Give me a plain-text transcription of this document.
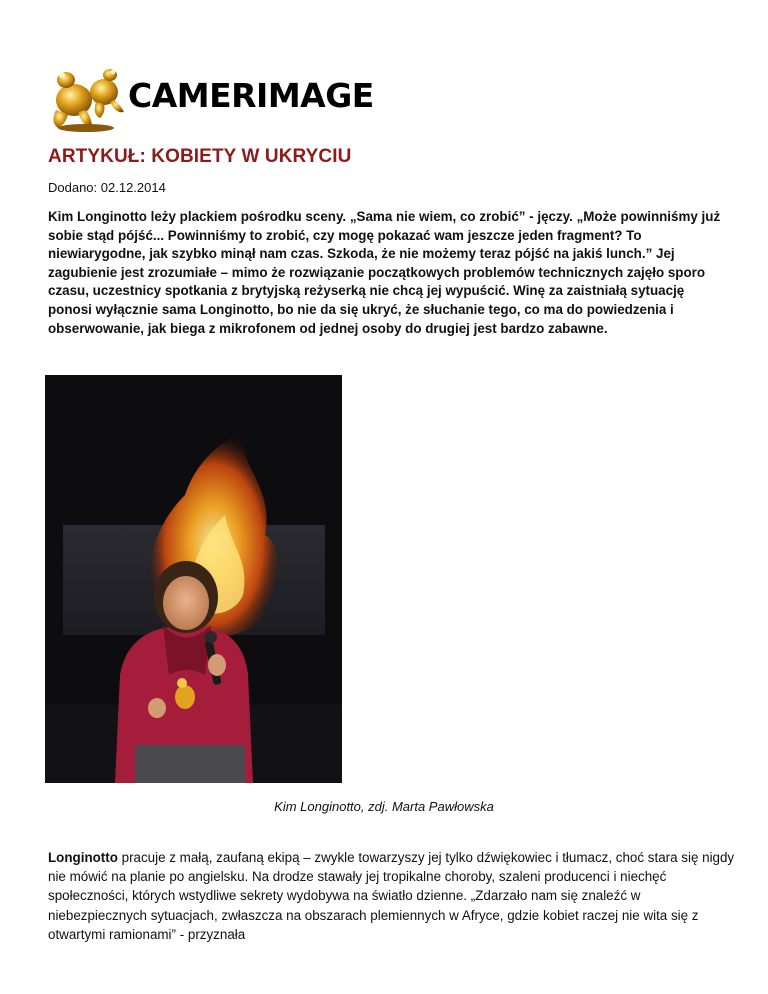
CAMERIMAGE
ARTYKUŁ: KOBIETY W UKRYCIU
Dodano: 02.12.2014

Kim Longinotto leży plackiem pośrodku sceny. „Sama nie wiem, co zrobić” - jęczy. „Może powinniśmy już sobie stąd pójść... Powinniśmy to zrobić, czy mogę pokazać wam jeszcze jeden fragment? To niewiarygodne, jak szybko minął nam czas. Szkoda, że nie możemy teraz pójść na jakiś lunch.” Jej zagubienie jest zrozumiałe – mimo że rozwiązanie początkowych problemów technicznych zajęło sporo czasu, uczestnicy spotkania z brytyjską reżyserką nie chcą jej wypuścić. Winę za zaistniałą sytuację ponosi wyłącznie sama Longinotto, bo nie da się ukryć, że słuchanie tego, co ma do powiedzenia i obserwowanie, jak biega z mikrofonem od jednej osoby do drugiej jest bardzo zabawne.

Kim Longinotto, zdj. Marta Pawłowska

Longinotto pracuje z małą, zaufaną ekipą – zwykle towarzyszy jej tylko dźwiękowiec i tłumacz, choć stara się nigdy nie mówić na planie po angielsku. Na drodze stawały jej tropikalne choroby, szaleni producenci i niechęć społeczności, których wstydliwe sekrety wydobywa na światło dzienne. „Zdarzało nam się znaleźć w niebezpiecznych sytuacjach, zwłaszcza na obszarach plemiennych w Afryce, gdzie kobiet raczej nie wita się z otwartymi ramionami” - przyznała
